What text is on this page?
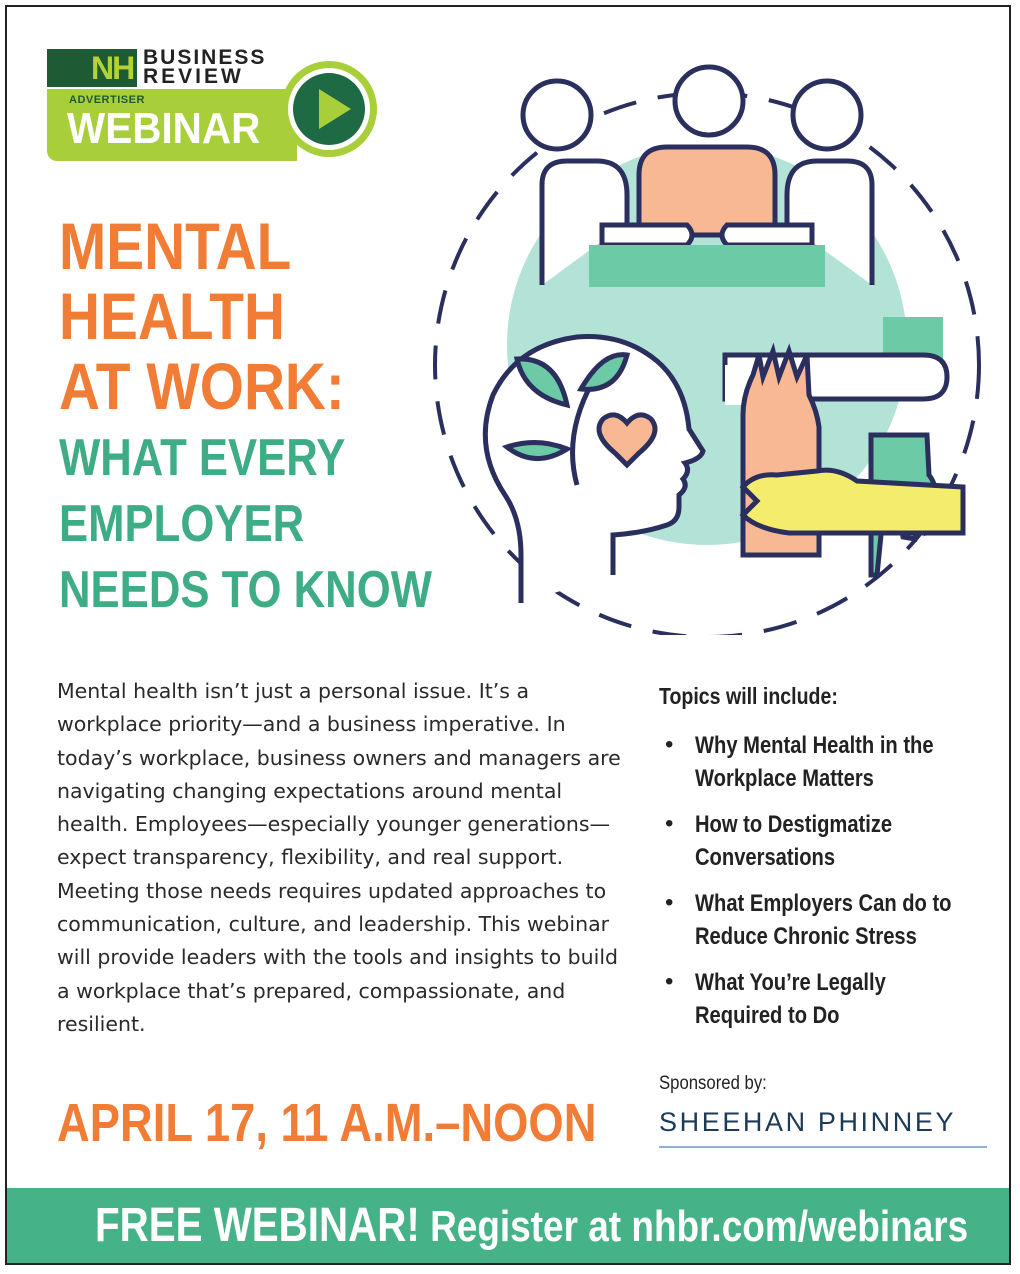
NH BUSINESS
REVIEW
ADVERTISER
WEBINAR
MENTAL
HEALTH
AT WORK:
WHAT EVERY
EMPLOYER
NEEDS TO KNOW

Mental health isn’t just a personal issue. It’s a workplace priority—and a business imperative. In today’s workplace, business owners and managers are navigating changing expectations around mental health. Employees—especially younger generations—expect transparency, flexibility, and real support. Meeting those needs requires updated approaches to communication, culture, and leadership. This webinar will provide leaders with the tools and insights to build a workplace that’s prepared, compassionate, and resilient.

APRIL 17, 11 A.M.–NOON
Topics will include:
• Why Mental Health in the Workplace Matters
• How to Destigmatize Conversations
• What Employers Can do to Reduce Chronic Stress
• What You’re Legally Required to Do
Sponsored by:
SHEEHAN PHINNEY
FREE WEBINAR! Register at nhbr.com/webinars
